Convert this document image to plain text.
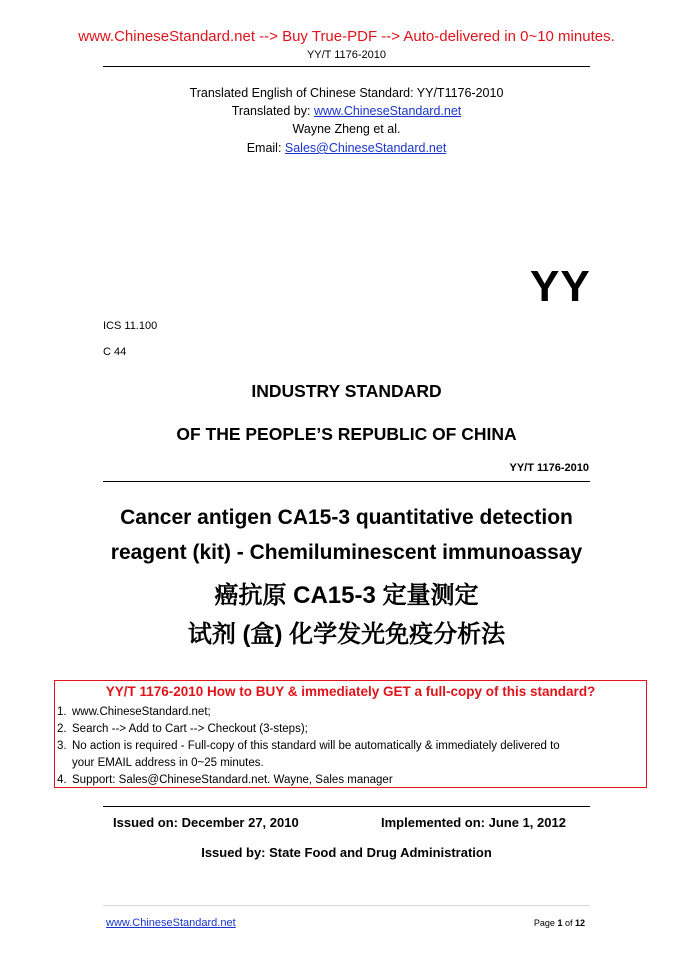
www.ChineseStandard.net --> Buy True-PDF --> Auto-delivered in 0~10 minutes.
YY/T 1176-2010
Translated English of Chinese Standard: YY/T1176-2010
Translated by: www.ChineseStandard.net
Wayne Zheng et al.
Email: Sales@ChineseStandard.net
YY
ICS 11.100
C 44
INDUSTRY STANDARD
OF THE PEOPLE’S REPUBLIC OF CHINA
YY/T 1176-2010
Cancer antigen CA15-3 quantitative detection
reagent (kit) - Chemiluminescent immunoassay
癌抗原 CA15-3 定量测定
试剂 (盒) 化学发光免疫分析法
YY/T 1176-2010 How to BUY & immediately GET a full-copy of this standard?
1. www.ChineseStandard.net;
2. Search --> Add to Cart --> Checkout (3-steps);
3. No action is required - Full-copy of this standard will be automatically & immediately delivered to
your EMAIL address in 0~25 minutes.
4. Support: Sales@ChineseStandard.net. Wayne, Sales manager
Issued on: December 27, 2010	Implemented on: June 1, 2012
Issued by: State Food and Drug Administration
www.ChineseStandard.net	Page 1 of 12
